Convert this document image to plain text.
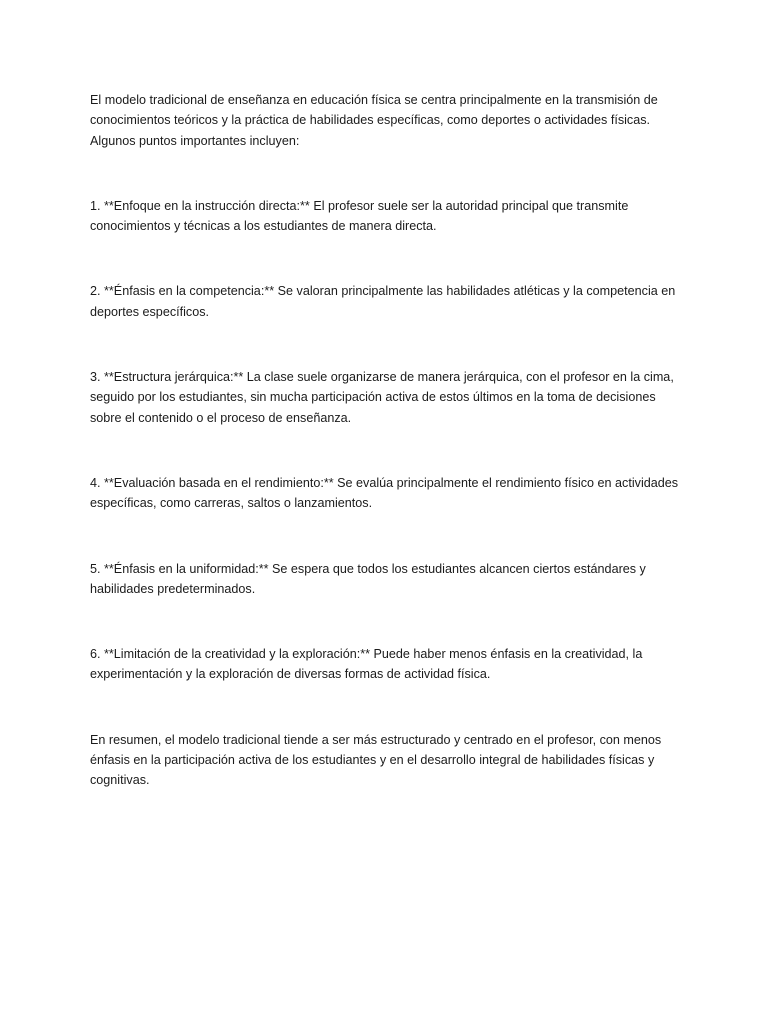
El modelo tradicional de enseñanza en educación física se centra principalmente en la transmisión de conocimientos teóricos y la práctica de habilidades específicas, como deportes o actividades físicas. Algunos puntos importantes incluyen:

1. **Enfoque en la instrucción directa:** El profesor suele ser la autoridad principal que transmite conocimientos y técnicas a los estudiantes de manera directa.

2. **Énfasis en la competencia:** Se valoran principalmente las habilidades atléticas y la competencia en deportes específicos.

3. **Estructura jerárquica:** La clase suele organizarse de manera jerárquica, con el profesor en la cima, seguido por los estudiantes, sin mucha participación activa de estos últimos en la toma de decisiones sobre el contenido o el proceso de enseñanza.

4. **Evaluación basada en el rendimiento:** Se evalúa principalmente el rendimiento físico en actividades específicas, como carreras, saltos o lanzamientos.

5. **Énfasis en la uniformidad:** Se espera que todos los estudiantes alcancen ciertos estándares y habilidades predeterminados.

6. **Limitación de la creatividad y la exploración:** Puede haber menos énfasis en la creatividad, la experimentación y la exploración de diversas formas de actividad física.

En resumen, el modelo tradicional tiende a ser más estructurado y centrado en el profesor, con menos énfasis en la participación activa de los estudiantes y en el desarrollo integral de habilidades físicas y cognitivas.
